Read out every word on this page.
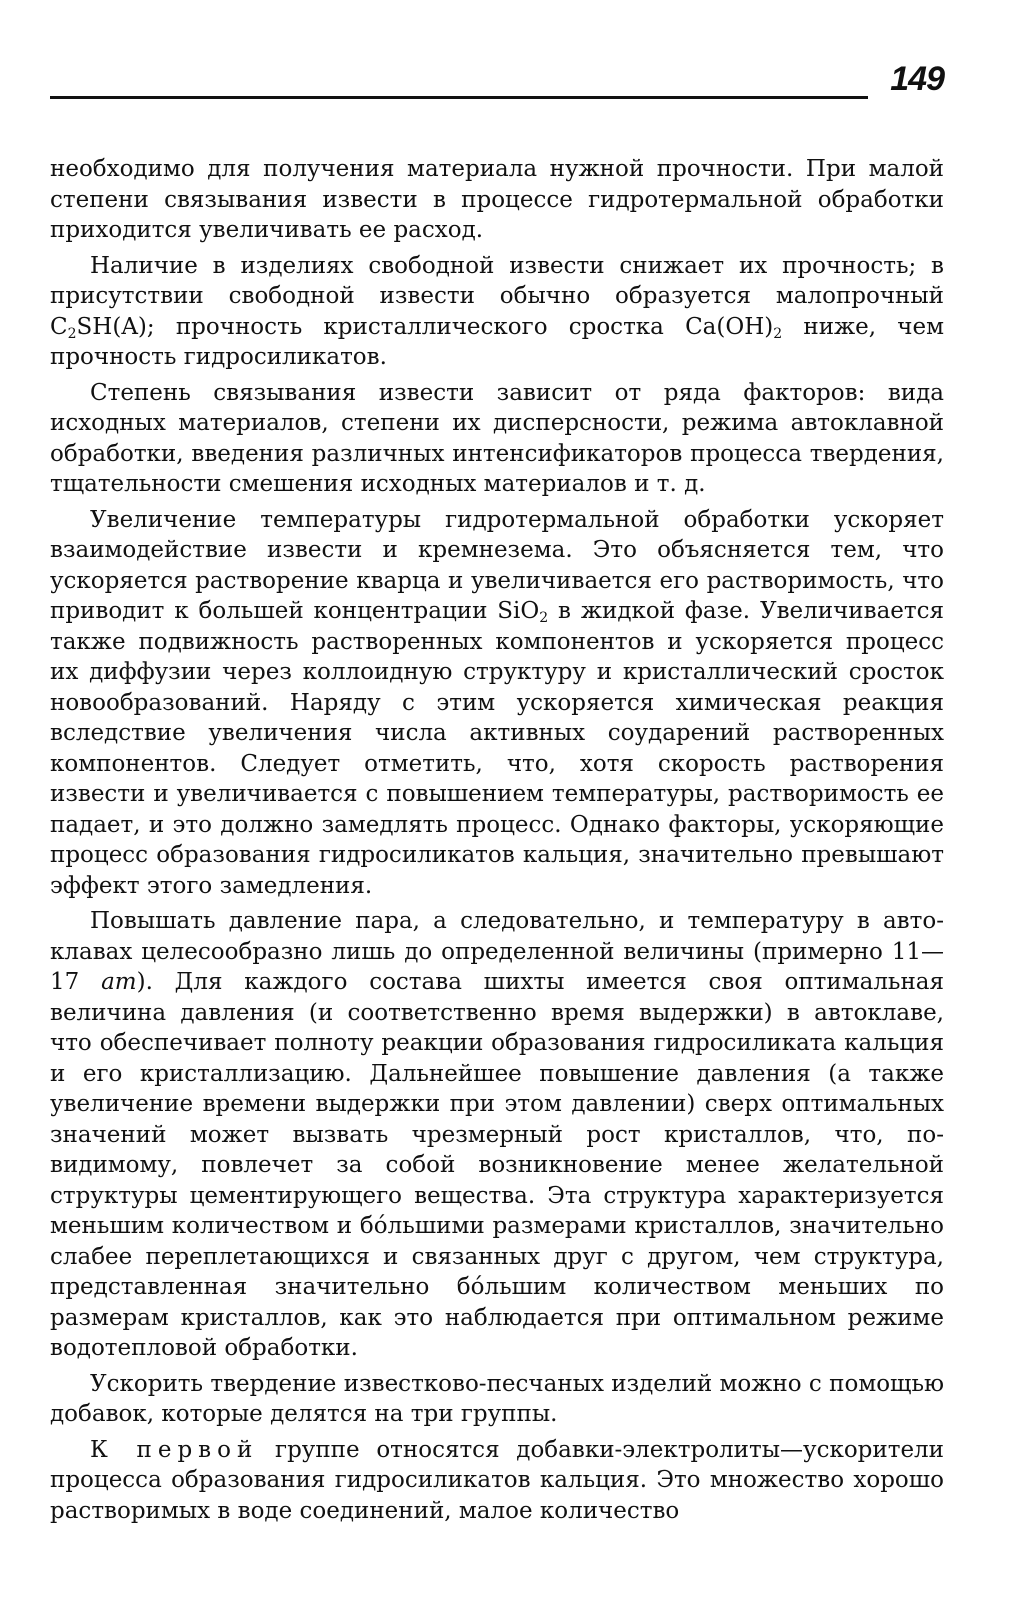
149

необходимо для получения материала нужной прочности. При малой степени связывания извести в процессе гидротермальной обработки приходится увеличивать ее расход.

Наличие в изделиях свободной извести снижает их прочность; в присутствии свободной извести обычно образуется малопрочный $C_2SH(A)$; прочность кристаллического сростка $Ca(OH)_2$ ниже, чем прочность гидросиликатов.

Степень связывания извести зависит от ряда факторов: вида исходных материалов, степени их дисперсности, режима автоклавной обработки, введения различных интенсификаторов процесса твердения, тщательности смешения исходных материалов и т. д.

Увеличение температуры гидротермальной обработки ускоряет взаимодействие извести и кремнезема. Это объясняется тем, что ускоряется растворение кварца и увеличивается его растворимость, что приводит к большей концентрации SiO$_2$ в жидкой фазе. Увеличивается также подвижность растворенных компонентов и ускоряется процесс их диффузии через коллоидную структуру и кристаллический сросток новообразований. Наряду с этим ускоряется химическая реакция вследствие увеличения числа активных соударений растворенных компонентов. Следует отметить, что, хотя скорость растворения извести и увеличивается с повышением температуры, растворимость ее падает, и это должно замедлять процесс. Однако факторы, ускоряющие процесс образования гидросиликатов кальция, значительно превышают эффект этого замедления.

Повышать давление пара, а следовательно, и температуру в автоклавах целесообразно лишь до определенной величины (примерно 11—17 ат). Для каждого состава шихты имеется своя оптимальная величина давления (и соответственно время выдержки) в автоклаве, что обеспечивает полноту реакции образования гидросиликата кальция и его кристаллизацию. Дальнейшее повышение давления (а также увеличение времени выдержки при этом давлении) сверх оптимальных значений может вызвать чрезмерный рост кристаллов, что, по-видимому, повлечет за собой возникновение менее желательной структуры цементирующего вещества. Эта структура характеризуется меньшим количеством и бóльшими размерами кристаллов, значительно слабее переплетающихся и связанных друг с другом, чем структура, представленная значительно бóльшим количеством меньших по размерам кристаллов, как это наблюдается при оптимальном режиме водотепловой обработки.

Ускорить твердение известково-песчаных изделий можно с помощью добавок, которые делятся на три группы.

К первой группе относятся добавки-электролиты—ускорители процесса образования гидросиликатов кальция. Это множество хорошо растворимых в воде соединений, малое количество
